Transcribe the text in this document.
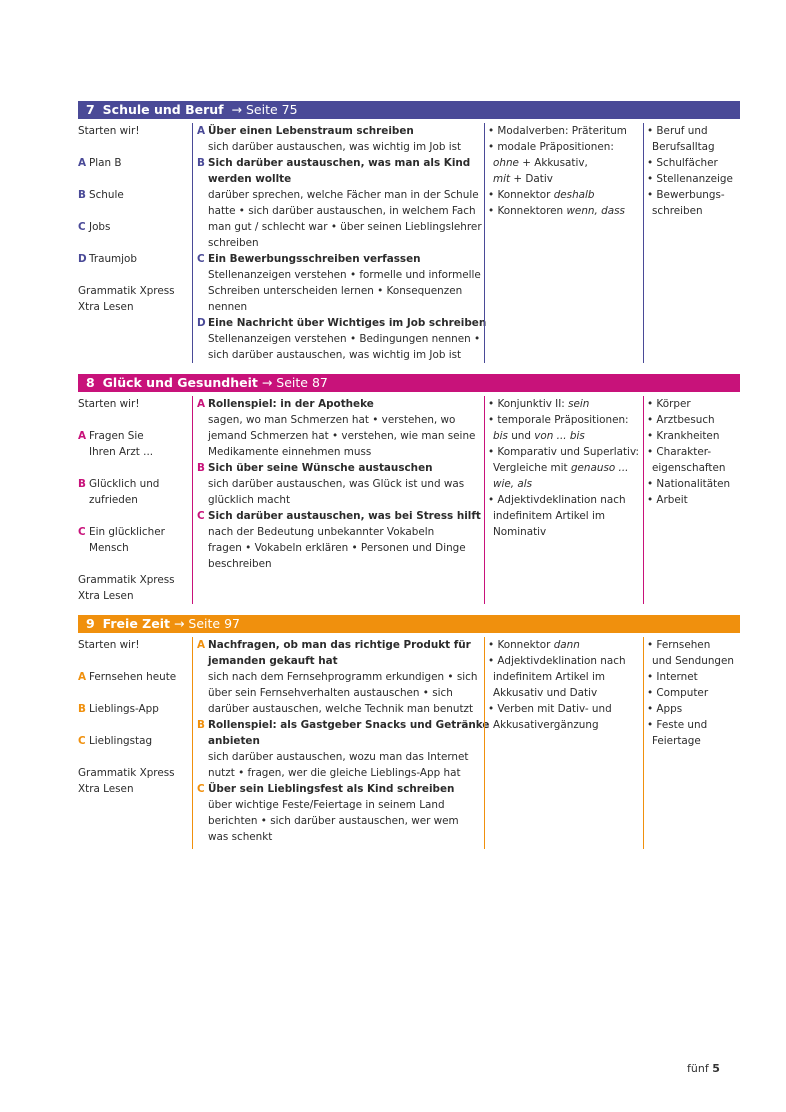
7 Schule und Beruf → Seite 75
Starten wir!
A Plan B
B Schule
C Jobs
D Traumjob
Grammatik Xpress
Xtra Lesen
A Über einen Lebenstraum schreiben
sich darüber austauschen, was wichtig im Job ist
B Sich darüber austauschen, was man als Kind
werden wollte
darüber sprechen, welche Fächer man in der Schule
hatte • sich darüber austauschen, in welchem Fach
man gut / schlecht war • über seinen Lieblingslehrer
schreiben
C Ein Bewerbungsschreiben verfassen
Stellenanzeigen verstehen • formelle und informelle
Schreiben unterscheiden lernen • Konsequenzen
nennen
D Eine Nachricht über Wichtiges im Job schreiben
Stellenanzeigen verstehen • Bedingungen nennen •
sich darüber austauschen, was wichtig im Job ist
• Modalverben: Präteritum
• modale Präpositionen:
ohne + Akkusativ,
mit + Dativ
• Konnektor deshalb
• Konnektoren wenn, dass
• Beruf und
Berufsalltag
• Schulfächer
• Stellenanzeige
• Bewerbungs-
schreiben
8 Glück und Gesundheit → Seite 87
Starten wir!
A Fragen Sie
Ihren Arzt ...
B Glücklich und
zufrieden
C Ein glücklicher
Mensch
Grammatik Xpress
Xtra Lesen
A Rollenspiel: in der Apotheke
sagen, wo man Schmerzen hat • verstehen, wo
jemand Schmerzen hat • verstehen, wie man seine
Medikamente einnehmen muss
B Sich über seine Wünsche austauschen
sich darüber austauschen, was Glück ist und was
glücklich macht
C Sich darüber austauschen, was bei Stress hilft
nach der Bedeutung unbekannter Vokabeln
fragen • Vokabeln erklären • Personen und Dinge
beschreiben
• Konjunktiv II: sein
• temporale Präpositionen:
bis und von ... bis
• Komparativ und Superlativ:
Vergleiche mit genauso ...
wie, als
• Adjektivdeklination nach
indefinitem Artikel im
Nominativ
• Körper
• Arztbesuch
• Krankheiten
• Charakter-
eigenschaften
• Nationalitäten
• Arbeit
9 Freie Zeit → Seite 97
Starten wir!
A Fernsehen heute
B Lieblings-App
C Lieblingstag
Grammatik Xpress
Xtra Lesen
A Nachfragen, ob man das richtige Produkt für
jemanden gekauft hat
sich nach dem Fernsehprogramm erkundigen • sich
über sein Fernsehverhalten austauschen • sich
darüber austauschen, welche Technik man benutzt
B Rollenspiel: als Gastgeber Snacks und Getränke
anbieten
sich darüber austauschen, wozu man das Internet
nutzt • fragen, wer die gleiche Lieblings-App hat
C Über sein Lieblingsfest als Kind schreiben
über wichtige Feste/Feiertage in seinem Land
berichten • sich darüber austauschen, wer wem
was schenkt
• Konnektor dann
• Adjektivdeklination nach
indefinitem Artikel im
Akkusativ und Dativ
• Verben mit Dativ- und
Akkusativergänzung
• Fernsehen
und Sendungen
• Internet
• Computer
• Apps
• Feste und
Feiertage
fünf 5
